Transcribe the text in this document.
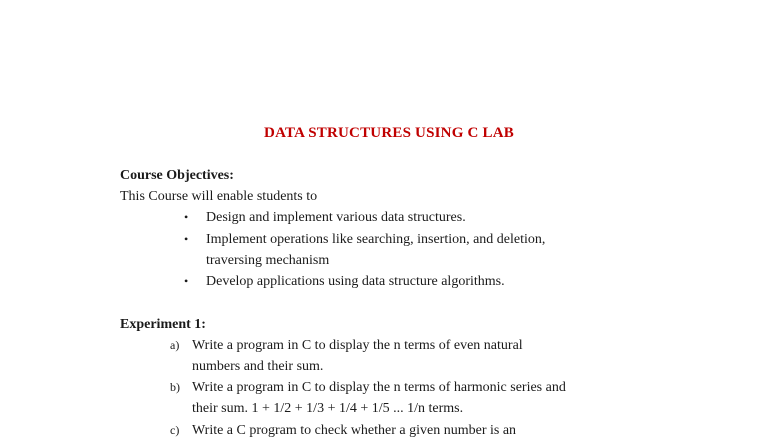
DATA STRUCTURES USING C LAB
Course Objectives:
This Course will enable students to
• Design and implement various data structures.
• Implement operations like searching, insertion, and deletion,
traversing mechanism
• Develop applications using data structure algorithms.
Experiment 1:
a) Write a program in C to display the n terms of even natural
numbers and their sum.
b) Write a program in C to display the n terms of harmonic series and
their sum. 1 + 1/2 + 1/3 + 1/4 + 1/5 ... 1/n terms.
c) Write a C program to check whether a given number is an
